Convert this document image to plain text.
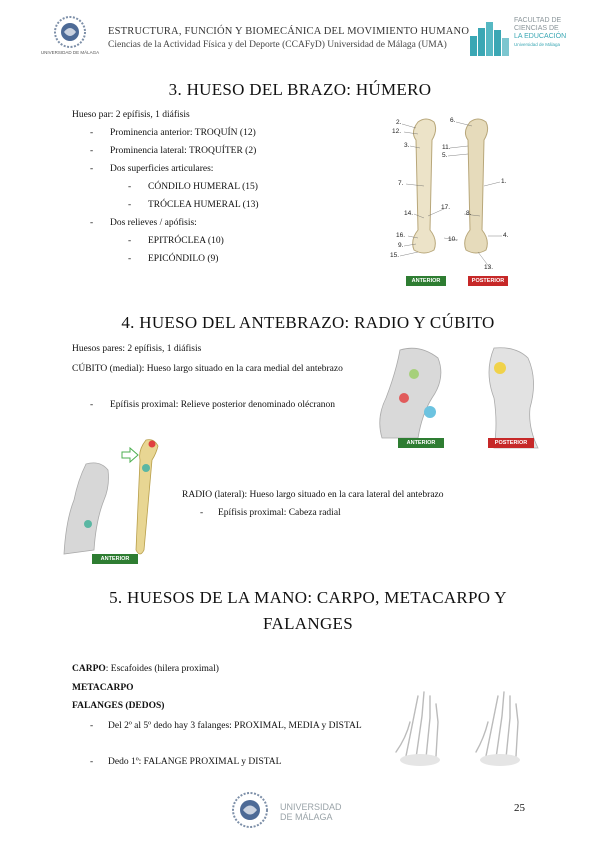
UNIVERSIDAD DE MÁLAGA
ESTRUCTURA, FUNCIÓN Y BIOMECÁNICA DEL MOVIMIENTO HUMANO
Ciencias de la Actividad Física y del Deporte (CCAFyD) Universidad de Málaga (UMA)
FACULTAD DE
CIENCIAS DE
LA EDUCACIÓN
Universidad de Málaga
3. HUESO DEL BRAZO: HÚMERO
Hueso par: 2 epífisis, 1 diáfisis
- Prominencia anterior: TROQUÍN (12)
- Prominencia lateral: TROQUÍTER (2)
- Dos superficies articulares:
- CÓNDILO HUMERAL (15)
- TRÓCLEA HUMERAL (13)
- Dos relieves / apófisis:
- EPITRÓCLEA (10)
- EPICÓNDILO (9)
2.	6.
12.
3.	11.
5.
7.	1.
17.
14.	8.
16.
10.
9.
4.
15.
13.
ANTERIOR	POSTERIOR
4. HUESO DEL ANTEBRAZO: RADIO Y CÚBITO
Huesos pares: 2 epífisis, 1 diáfisis
CÚBITO (medial): Hueso largo situado en la cara medial del antebrazo
- Epífisis proximal: Relieve posterior denominado olécranon
ANTERIOR	POSTERIOR
ANTERIOR
RADIO (lateral): Hueso largo situado en la cara lateral del antebrazo
- Epífisis proximal: Cabeza radial
5. HUESOS DE LA MANO: CARPO, METACARPO Y
FALANGES
CARPO: Escafoides (hilera proximal)
METACARPO
FALANGES (DEDOS)
- Del 2º al 5º dedo hay 3 falanges: PROXIMAL, MEDIA y DISTAL
- Dedo 1º: FALANGE PROXIMAL y DISTAL
UNIVERSIDAD
DE MÁLAGA
25
